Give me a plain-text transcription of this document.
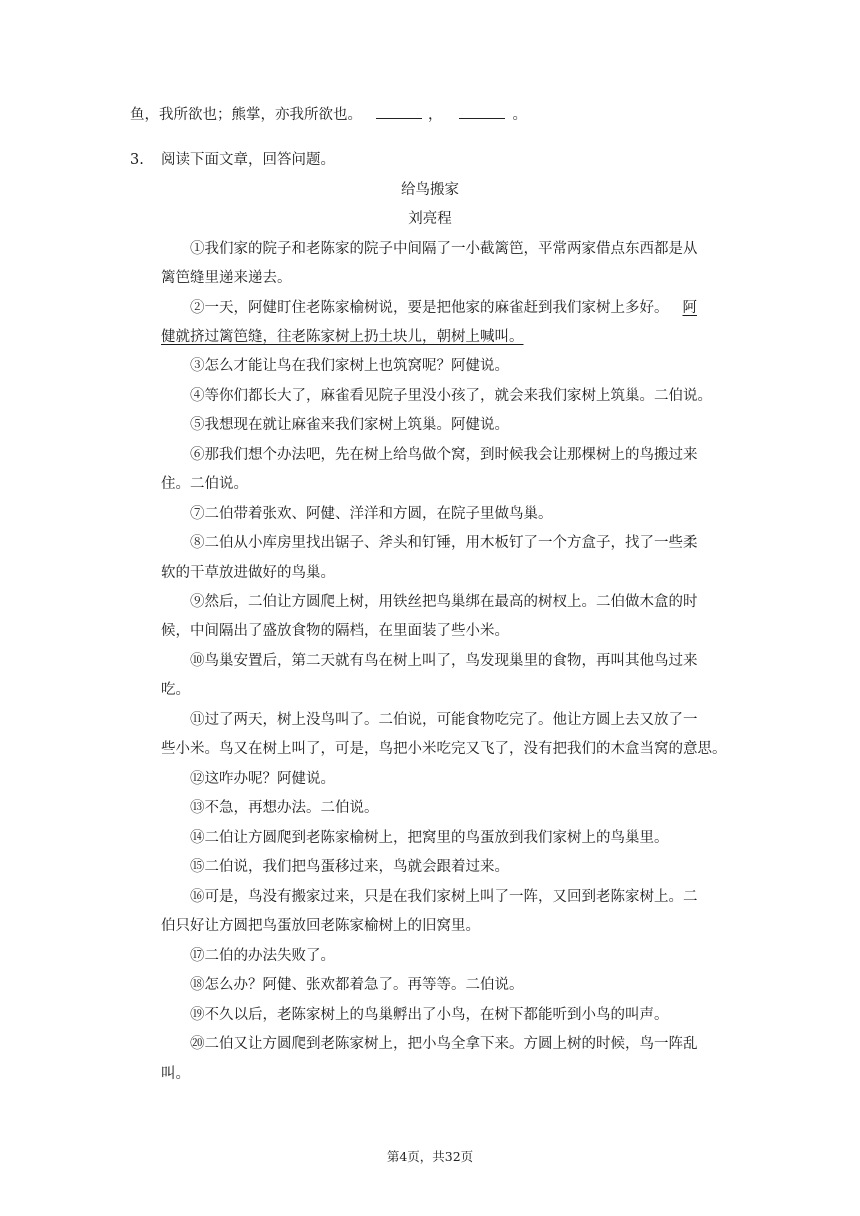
鱼，我所欲也；熊掌，亦我所欲也。	，	。
3. 阅读下面文章，回答问题。
给鸟搬家
刘亮程
①我们家的院子和老陈家的院子中间隔了一小截篱笆，平常两家借点东西都是从
篱笆缝里递来递去。
②一天，阿健盯住老陈家榆树说，要是把他家的麻雀赶到我们家树上多好。 阿
健就挤过篱笆缝，往老陈家树上扔土块儿，朝树上喊叫。
③怎么才能让鸟在我们家树上也筑窝呢？阿健说。
④等你们都长大了，麻雀看见院子里没小孩了，就会来我们家树上筑巢。二伯说。
⑤我想现在就让麻雀来我们家树上筑巢。阿健说。
⑥那我们想个办法吧，先在树上给鸟做个窝，到时候我会让那棵树上的鸟搬过来
住。二伯说。
⑦二伯带着张欢、阿健、洋洋和方圆，在院子里做鸟巢。
⑧二伯从小库房里找出锯子、斧头和钉锤，用木板钉了一个方盒子，找了一些柔
软的干草放进做好的鸟巢。
⑨然后，二伯让方圆爬上树，用铁丝把鸟巢绑在最高的树杈上。二伯做木盒的时
候，中间隔出了盛放食物的隔档，在里面装了些小米。
⑩鸟巢安置后，第二天就有鸟在树上叫了，鸟发现巢里的食物，再叫其他鸟过来
吃。
⑪过了两天，树上没鸟叫了。二伯说，可能食物吃完了。他让方圆上去又放了一
些小米。鸟又在树上叫了，可是，鸟把小米吃完又飞了，没有把我们的木盒当窝的意思。
⑫这咋办呢？阿健说。
⑬不急，再想办法。二伯说。
⑭二伯让方圆爬到老陈家榆树上，把窝里的鸟蛋放到我们家树上的鸟巢里。
⑮二伯说，我们把鸟蛋移过来，鸟就会跟着过来。
⑯可是，鸟没有搬家过来，只是在我们家树上叫了一阵，又回到老陈家树上。二
伯只好让方圆把鸟蛋放回老陈家榆树上的旧窝里。
⑰二伯的办法失败了。
⑱怎么办？阿健、张欢都着急了。再等等。二伯说。
⑲不久以后，老陈家树上的鸟巢孵出了小鸟，在树下都能听到小鸟的叫声。
⑳二伯又让方圆爬到老陈家树上，把小鸟全拿下来。方圆上树的时候，鸟一阵乱
叫。
第4页，共32页
